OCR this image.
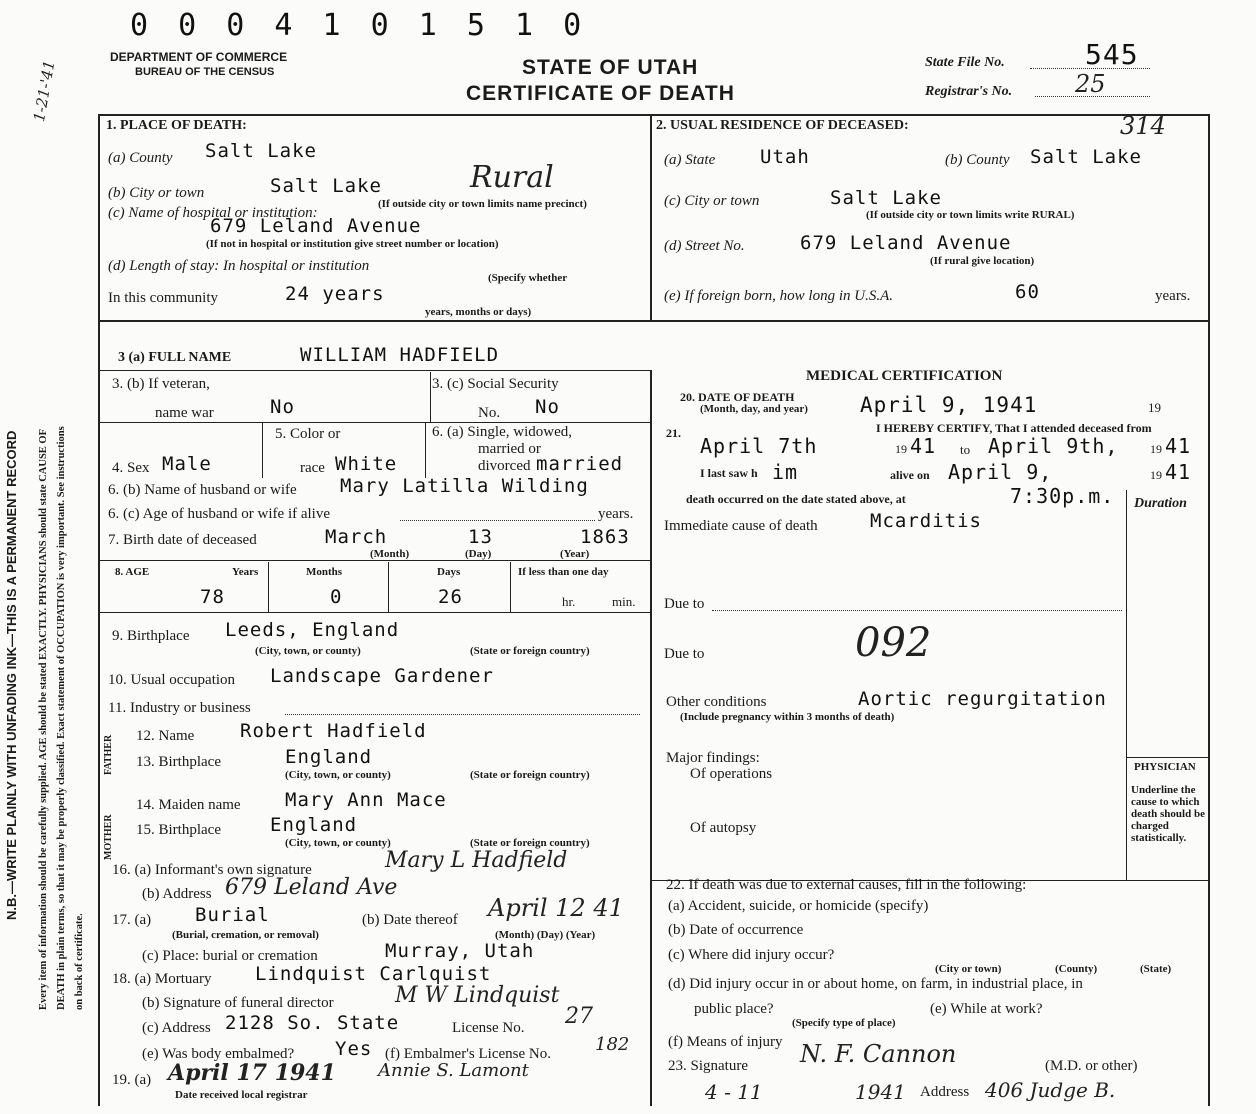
0 0 0 4 1 0 1 5 1 0
DEPARTMENT OF COMMERCE
BUREAU OF THE CENSUS	STATE OF UTAH
CERTIFICATE OF DEATH
State File No.	545
Registrar's No.	25
1-21-'41
N.B.—WRITE PLAINLY WITH UNFADING INK—THIS IS A PERMANENT RECORD Every item of information should be carefully supplied. AGE should be stated EXACTLY. PHYSICIANS should state CAUSE OF DEATH in plain terms, so that it may be properly classified. Exact statement of OCCUPATION is very important. See instructions on back of certificate.
1. PLACE OF DEATH:
(a) County Salt Lake
(b) City or town	Salt Lake	Rural
(If outside city or town limits name precinct)
(c) Name of hospital or institution:
679 Leland Avenue
(If not in hospital or institution give street number or location)
(d) Length of stay: In hospital or institution
(Specify whether
In this community	24 years
years, months or days)
2. USUAL RESIDENCE OF DECEASED:	314
(a) State Utah	(b) County Salt Lake
(c) City or town	Salt Lake
(If outside city or town limits write RURAL)
(d) Street No.	679 Leland Avenue
(If rural give location)
(e) If foreign born, how long in U.S.A.	60	years.
3 (a) FULL NAME	WILLIAM HADFIELD
3. (b) If veteran,
name war	No
3. (c) Social Security
No. No
4. Sex Male
5. Color or
race White
6. (a) Single, widowed,
married or
divorced married
6. (b) Name of husband or wife Mary Latilla Wilding
6. (c) Age of husband or wife if alive	years.
7. Birth date of deceased	March	13	1863
(Month)	(Day)	(Year)
8. AGE	Years	Months	Days	If less than one day
78	0	26	hr.	min.
9. Birthplace Leeds, England
(City, town, or county)	(State or foreign country)
10. Usual occupation Landscape Gardener
11. Industry or business
FATHER
MOTHER
12. Name Robert Hadfield
13. Birthplace	England
(City, town, or county)	(State or foreign country)
14. Maiden name Mary Ann Mace
15. Birthplace	England
(City, town, or county)	(State or foreign country)
16. (a) Informant's own signature	Mary L Hadfield
(b) Address 679 Leland Ave
17. (a) Burial	(b) Date thereof April 12 41
(Burial, cremation, or removal)	(Month) (Day) (Year)
(c) Place: burial or cremation	Murray, Utah
18. (a) Mortuary Lindquist Carlquist
(b) Signature of funeral director	M W Lindquist
(c) Address 2128 So. State	License No. 27
(e) Was body embalmed? Yes (f) Embalmer's License No. 182
19. (a) April 17 1941 Annie S. Lamont
Date received local registrar
MEDICAL CERTIFICATION
20. DATE OF DEATH
(Month, day, and year) April 9, 1941	19
I HEREBY CERTIFY, That I attended deceased from
21.
April 7th	19 41 to April 9th,	19 41
I last saw h im	alive on April 9,	19 41
death occurred on the date stated above, at	7:30p.m. Duration
Immediate cause of death	Mcarditis
Due to
Due to	092
Other conditions	Aortic regurgitation
(Include pregnancy within 3 months of death)
Major findings:
Of operations
Of autopsy
PHYSICIAN
Underline the cause to which death should be charged statistically.
22. If death was due to external causes, fill in the following:
(a) Accident, suicide, or homicide (specify)
(b) Date of occurrence
(c) Where did injury occur?
(City or town)	(County)	(State)
(d) Did injury occur in or about home, on farm, in industrial place, in
public place?
(Specify type of place)
(e) While at work?
(f) Means of injury
23. Signature N. F. Cannon	(M.D. or other)
4 - 11	1941 Address 406 Judge B.
